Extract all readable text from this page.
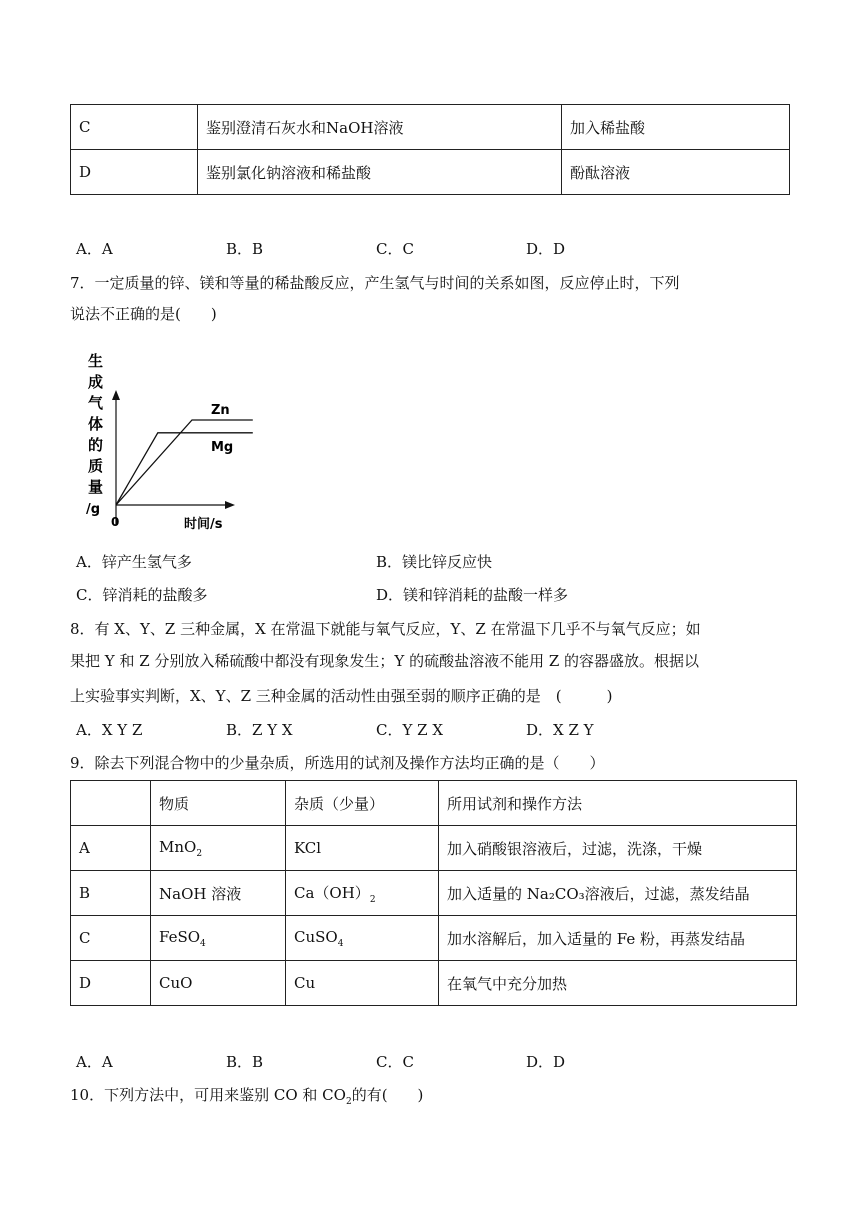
C	鉴别澄清石灰水和NaOH溶液	加入稀盐酸
D	鉴别氯化钠溶液和稀盐酸	酚酞溶液
A．A	B．B	C．C	D．D
7．一定质量的锌、镁和等量的稀盐酸反应，产生氢气与时间的关系如图，反应停止时，下列
说法不正确的是(　　)
生
成
气
体
的
质
量
/g
Zn
Mg
0	时间/s
A．锌产生氢气多	B．镁比锌反应快
C．锌消耗的盐酸多	D．镁和锌消耗的盐酸一样多
8．有 X、Y、Z 三种金属，X 在常温下就能与氧气反应，Y、Z 在常温下几乎不与氧气反应；如
果把 Y 和 Z 分别放入稀硫酸中都没有现象发生；Y 的硫酸盐溶液不能用 Z 的容器盛放。根据以
上实验事实判断，X、Y、Z 三种金属的活动性由强至弱的顺序正确的是　(　　　)
A．X Y Z	B．Z Y X	C．Y Z X	D．X Z Y
9．除去下列混合物中的少量杂质，所选用的试剂及操作方法均正确的是（　　）
	物质	杂质（少量）	所用试剂和操作方法
A	MnO$_2$	KCl	加入硝酸银溶液后，过滤，洗涤，干燥
B	NaOH 溶液	$Ca(OH)_2$	加入适量的 Na₂CO₃溶液后，过滤，蒸发结晶
C	FeSO$_4$	CuSO$_4$	加水溶解后，加入适量的 Fe 粉，再蒸发结晶
D	CuO	Cu	在氧气中充分加热
A．A	B．B	C．C	D．D
10．下列方法中，可用来鉴别 CO 和 $CO_2$的有(　　)
